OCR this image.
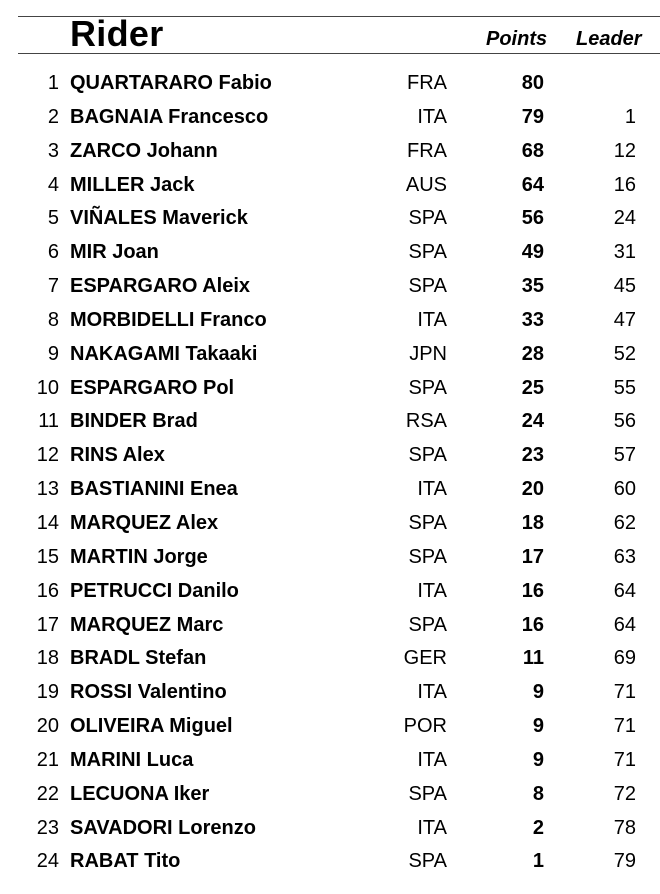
Rider	Points Leader
1 QUARTARARO Fabio	FRA	80
2 BAGNAIA Francesco	ITA	79	1
3 ZARCO Johann	FRA	68	12
4 MILLER Jack	AUS	64	16
5 VIÑALES Maverick	SPA	56	24
6 MIR Joan	SPA	49	31
7 ESPARGARO Aleix	SPA	35	45
8 MORBIDELLI Franco	ITA	33	47
9 NAKAGAMI Takaaki	JPN	28	52
10 ESPARGARO Pol	SPA	25	55
11 BINDER Brad	RSA	24	56
12 RINS Alex	SPA	23	57
13 BASTIANINI Enea	ITA	20	60
14 MARQUEZ Alex	SPA	18	62
15 MARTIN Jorge	SPA	17	63
16 PETRUCCI Danilo	ITA	16	64
17 MARQUEZ Marc	SPA	16	64
18 BRADL Stefan	GER	11	69
19 ROSSI Valentino	ITA	9	71
20 OLIVEIRA Miguel	POR	9	71
21 MARINI Luca	ITA	9	71
22 LECUONA Iker	SPA	8	72
23 SAVADORI Lorenzo	ITA	2	78
24 RABAT Tito	SPA	1	79
